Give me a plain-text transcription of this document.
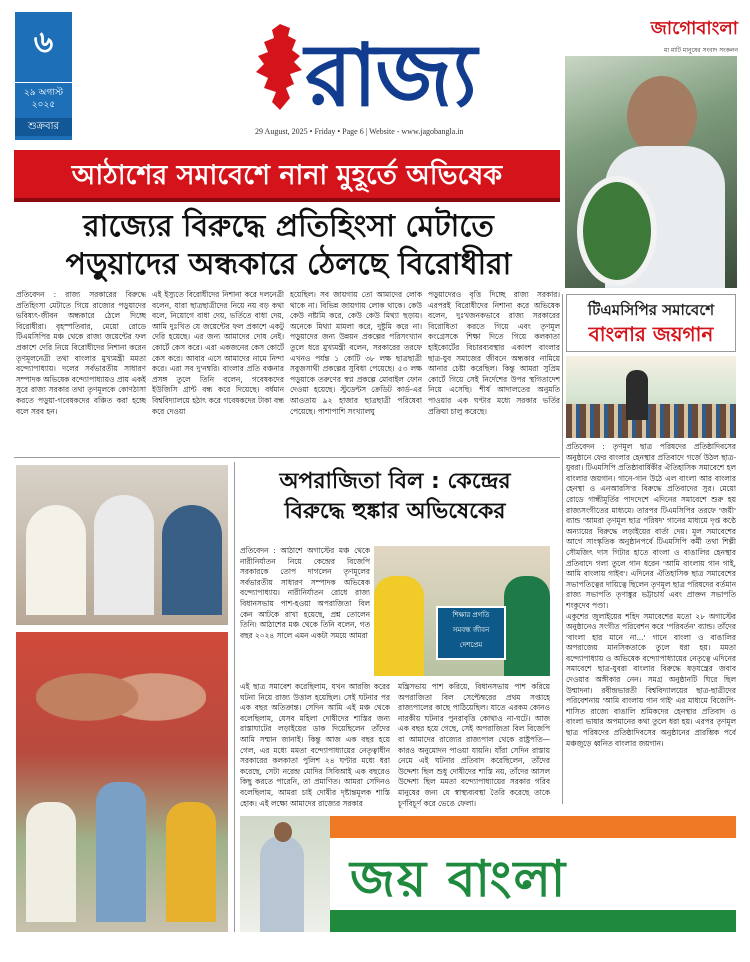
৬
২৯ অগাস্ট ২০২৫
শুক্রবার
রাজ্য
29 August, 2025 • Friday • Page 6 | Website - www.jagobangla.in
জাগোবাংলা
মা মাটি মানুষের সংবাদ সংকলন
আঠাশের সমাবেশে নানা মুহূর্তে অভিষেক
রাজ্যের বিরুদ্ধে প্রতিহিংসা মেটাতে
পড়ুয়াদের অন্ধকারে ঠেলছে বিরোধীরা
প্রতিবেদন : রাজ্য সরকারের বিরুদ্ধে প্রতিহিংসা মেটাতে গিয়ে রাজ্যের পড়ুয়াদের ভবিষ্যৎ-জীবন অন্ধকারে ঠেলে দিচ্ছে বিরোধীরা। বৃহস্পতিবার, মেয়ো রোডে টিএমসিপির মঞ্চ থেকে রাজ্য জয়েন্টের ফল প্রকাশে দেরি নিয়ে বিরোধীদের নিশানা করেন তৃণমূলনেত্রী তথা বাংলার মুখ্যমন্ত্রী মমতা বন্দ্যোপাধ্যায়। দলের সর্বভারতীয় সাধারণ সম্পাদক অভিষেক বন্দ্যোপাধ্যায়ও প্রায় একই সুরে রাজ্য সরকার তথা তৃণমূলকে কোণঠাসা করতে পড়ুয়া-গবেষকদের বঞ্চিত করা হচ্ছে বলে সরব হন।
এই ইস্যুতে বিরোধীদের নিশানা করে দলনেত্রী বলেন, যারা ছাত্রছাত্রীদের নিয়ে নয় বড় কথা বলে, নিয়োগে বাধা দেয়, ভর্তিতে বাধা দেয়, আমি দুঃখিত যে জয়েন্টের ফল প্রকাশে একটু দেরি হয়েছে। এর জন্য আমাদের দোষ নেই। কোর্টে কেস করে। এরা একজনের কেস কোর্টে কেস করে। আবার এসে আমাদের নামে নিন্দা করে। এরা সব দু'নম্বরি। বাংলার প্রতি বঞ্চনার প্রসঙ্গ তুলে তিনি বলেন, গবেষকদের ইউজিসি গ্রান্ট বন্ধ করে দিয়েছে। বর্ধমান বিশ্ববিদ্যালয়ে হঠাৎ করে গবেষকদের টাকা বন্ধ করে দেওয়া
হয়েছিল। সব জায়গায় তো আমাদের লোক থাকে না। বিভিন্ন জায়গায় লোক থাকে। কেউ কেউ নষ্টামি করে, কেউ কেউ মিথ্যা ছড়ায়। অনেকে মিথ্যা মামলা করে, দুষ্টুমি করে না। পড়ুয়াদের জন্য উন্নয়ন প্রকল্পের পরিসংখ্যান তুলে ধরে মুখ্যমন্ত্রী বলেন, সরকারের তরফে এখনও পর্যন্ত ১ কোটি ৩৮ লক্ষ ছাত্রছাত্রী সবুজসাথী প্রকল্পের সুবিধা পেয়েছে। ৫৩ লক্ষ পড়ুয়াকে তরুণের স্বপ্ন প্রকল্পে মোবাইল ফোন দেওয়া হয়েছে। স্টুডেন্টস ক্রেডিট কার্ড-এর আওতায় ৯২ হাজার ছাত্রছাত্রী পরিষেবা পেয়েছে। পাশাপাশি সংখ্যালঘু
পড়ুয়াদেরও বৃত্তি দিচ্ছে রাজ্য সরকার। এরপরই বিরোধীদের নিশানা করে অভিষেক বলেন, দুঃখজনকভাবে রাজ্য সরকারের বিরোধিতা করতে গিয়ে এবং তৃণমূল কংগ্রেসকে শিক্ষা দিতে গিয়ে কলকাতা হাইকোর্টের বিচারব্যবস্থার একাংশ বাংলার ছাত্র-যুব সমাজের জীবনে অন্ধকার নামিয়ে আনার চেষ্টা করেছিল। কিন্তু আমরা সুপ্রিম কোর্টে গিয়ে সেই নির্দেশের উপর স্থগিতাদেশ নিয়ে এসেছি। শীর্ষ আদালতের অনুমতি পাওয়ার এক ঘণ্টার মধ্যে সরকার ভর্তির প্রক্রিয়া চালু করেছে।
টিএমসিপির সমাবেশে
বাংলার জয়গান
প্রতিবেদন : তৃণমূল ছাত্র পরিষদের প্রতিষ্ঠাদিবসের অনুষ্ঠানে ফের বাংলার হেনস্থার প্রতিবাদে গর্জে উঠল ছাত্র-যুবরা। টিএমসিপি প্রতিষ্ঠাবার্ষিকীর ঐতিহাসিক সমাবেশে হল বাংলার জয়গান। গানে-গান উঠে এল বাংলা আর বাংলার হেনস্থা ও এনআরসি'র বিরুদ্ধে প্রতিবাদের সুর। মেয়ো রোডে গান্ধীমূর্তির পাদদেশে এদিনের সমাবেশে শুরু হয় রাজ্যসংগীতের মাধ্যমে। তারপর টিএমসিপির তরফে 'জয়ী' ব্যান্ড 'আমরা তৃণমূল ছাত্র পরিষদ' গানের মাধ্যমে দৃপ্ত কণ্ঠে অন্যায়ের বিরুদ্ধে লড়াইয়ের বার্তা দেয়। মূল সমাবেশের আগে সাংস্কৃতিক অনুষ্ঠানপর্বে টিএমসিপি কর্মী তথা শিল্পী সৌমজিৎ দাস গিটার হাতে বাংলা ও বাঙালির হেনস্থার প্রতিবাদে গলা তুলে গান ধরেন 'আমি বাংলায় গান গাই, আমি বাংলায় গাইব'। এদিনের ঐতিহাসিক ছাত্র সমাবেশের সভাপতিত্বের দায়িত্বে ছিলেন তৃণমূল ছাত্র পরিষদের বর্তমান রাজ্য সভাপতি তৃণাঙ্কুর ভট্টাচার্য এবং প্রাক্তন সভাপতি শংকুদেব পণ্ডা।
একুশের জুলাইয়ের শহিদ সমাবেশের মতো ২৮ অগাস্টের অনুষ্ঠানেও সংগীত পরিবেশন করে 'পরিবর্তন' ব্যান্ড। তাঁদের 'বাংলা হার মানে না...' গানে বাংলা ও বাঙালির অপরাজেয় মানসিকতাকে তুলে ধরা হয়। মমতা বন্দ্যোপাধ্যায় ও অভিষেক বন্দ্যোপাধ্যায়ের নেতৃত্বে এদিনের সমাবেশে ছাত্র-যুবরা বাংলার বিরুদ্ধে ষড়যন্ত্রের জবাব দেওয়ার অঙ্গীকার নেন। সমগ্র অনুষ্ঠানটি ঘিরে ছিল উন্মাদনা। রবীন্দ্রভারতী বিশ্ববিদ্যালয়ের ছাত্র-ছাত্রীদের পরিবেশনায় 'আমি বাংলায় গান গাই' এর মাধ্যমে বিজেপি-শাসিত রাজ্যে বাঙালি শ্রমিকদের হেনস্থার প্রতিবাদ ও বাংলা ভাষার অপমানের কথা তুলে ধরা হয়। এরপর তৃণমূল ছাত্র পরিষদের প্রতিষ্ঠাদিবসের অনুষ্ঠানের প্রারম্ভিক পর্বে মঞ্চজুড়ে ধ্বনিত বাংলার জয়গান।
অপরাজিতা বিল : কেন্দ্রের
বিরুদ্ধে হুঙ্কার অভিষেকের
প্রতিবেদন : আঠাশে অগাস্টের মঞ্চ থেকে নারীনির্যাতন নিয়ে কেন্দ্রের বিজেপি সরকারকে তোপ দাগলেন তৃণমূলের সর্বভারতীয় সাধারণ সম্পাদক অভিষেক বন্দ্যোপাধ্যায়। নারীনির্যাতন রোধে রাজ্য বিধানসভায় পাশ-হওয়া অপরাজিতা বিল কেন আটকে রাখা হয়েছে, প্রশ্ন তোলেন তিনি। আঠাশের মঞ্চ থেকে তিনি বলেন, গত বছর ২০২৪ সালে এমন একটা সময়ে আমরা
শিক্ষার প্রগতি
সমবন্ধ জীবন
দেশপ্রেম
এই ছাত্র সমাবেশ করেছিলাম, যখন আরজি করের ঘটনা নিয়ে রাজ্য উত্তাল হয়েছিল। সেই ঘটনার পর এক বছর অতিক্রান্ত। সেদিন আমি এই মঞ্চ থেকে বলেছিলাম, যেসব মহিলা দোষীদের শাস্তির জন্য রাস্তাঘাটের লড়াইয়ের ডাক দিয়েছিলেন তাঁদের আমি সম্মান জানাই। কিন্তু আজ এক বছর হয়ে গেল, এর মধ্যে মমতা বন্দ্যোপাধ্যায়ের নেতৃত্বাধীন সরকারের কলকাতা পুলিশ ২৪ ঘণ্টার মধ্যে ধরা করেছে, সেটা নরেন্দ্র মোদির সিবিআই এক বছরেও কিছু করতে পারেনি, তা প্রমাণিত। আমরা সেদিনও বলেছিলাম, আমরা চাই দোষীর দৃষ্টান্তমূলক শাস্তি হোক। এই লক্ষ্যে আমাদের রাজ্যের সরকার
মন্ত্রিসভায় পাশ করিয়ে, বিধানসভায় পাশ করিয়ে অপরাজিতা বিল সেপ্টেম্বরের প্রথম সপ্তাহে রাজ্যপালের কাছে পাঠিয়েছিল। যাতে এরকম কোনও নারকীয় ঘটনার পুনরাবৃত্তি কোথাও না-ঘটে। আজ এক বছর হয়ে গেছে, সেই অপরাজিতা বিল বিজেপি বা আমাদের রাজ্যের রাজ্যপাল থেকে রাষ্ট্রপতি— কারও অনুমোদন পাওয়া যায়নি। যাঁরা সেদিন রাস্তায় নেমে এই ঘটনার প্রতিবাদ করেছিলেন, তাঁদের উদ্দেশ্য ছিল শুধু দোষীদের শাস্তি নয়, তাঁদের আসল উদ্দেশ্য ছিল মমতা বন্দ্যোপাধ্যায়ের সরকার গরিব মানুষের জন্য যে স্বাস্থ্যব্যবস্থা তৈরি করেছে তাকে চূর্ণবিচূর্ণ করে ভেঙে ফেলা।
জয় বাংলা
